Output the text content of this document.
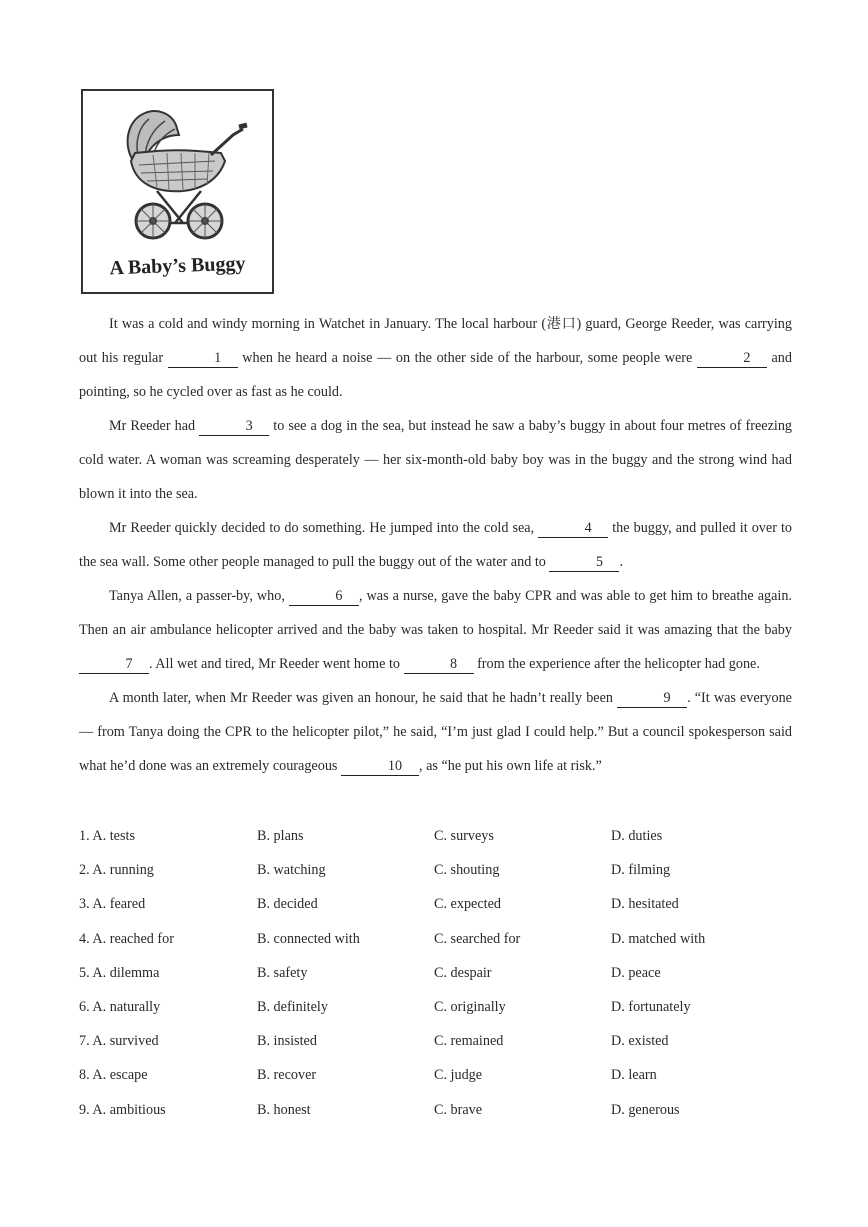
A Baby’s Buggy

It was a cold and windy morning in Watchet in January. The local harbour (港口) guard, George Reeder, was carrying out his regular	1 when he heard a noise — on the other side of the harbour, some people were	2 and pointing, so he cycled over as fast as he could.

Mr Reeder had	3 to see a dog in the sea, but instead he saw a baby’s buggy in about four metres of freezing cold water. A woman was screaming desperately — her six-month-old baby boy was in the buggy and the strong wind had blown it into the sea.

Mr Reeder quickly decided to do something. He jumped into the cold sea,	4 the buggy, and pulled it over to the sea wall. Some other people managed to pull the buggy out of the water and to	5 .

Tanya Allen, a passer-by, who,	6 , was a nurse, gave the baby CPR and was able to get him to breathe again. Then an air ambulance helicopter arrived and the baby was taken to hospital. Mr Reeder said it was amazing that the baby 7 . All wet and tired, Mr Reeder went home to	8 from the experience after the helicopter had gone.

A month later, when Mr Reeder was given an honour, he said that he hadn’t really been	9 . “It was everyone — from Tanya doing the CPR to the helicopter pilot,” he said, “I’m just glad I could help.” But a council spokesperson said what he’d done was an extremely courageous	10 , as “he put his own life at risk.”

1. A. tests	B. plans	C. surveys	D. duties
2. A. running	B. watching	C. shouting	D. filming
3. A. feared	B. decided	C. expected	D. hesitated
4. A. reached for	B. connected with	C. searched for	D. matched with
5. A. dilemma	B. safety	C. despair	D. peace
6. A. naturally	B. definitely	C. originally	D. fortunately
7. A. survived	B. insisted	C. remained	D. existed
8. A. escape	B. recover	C. judge	D. learn
9. A. ambitious	B. honest	C. brave	D. generous
